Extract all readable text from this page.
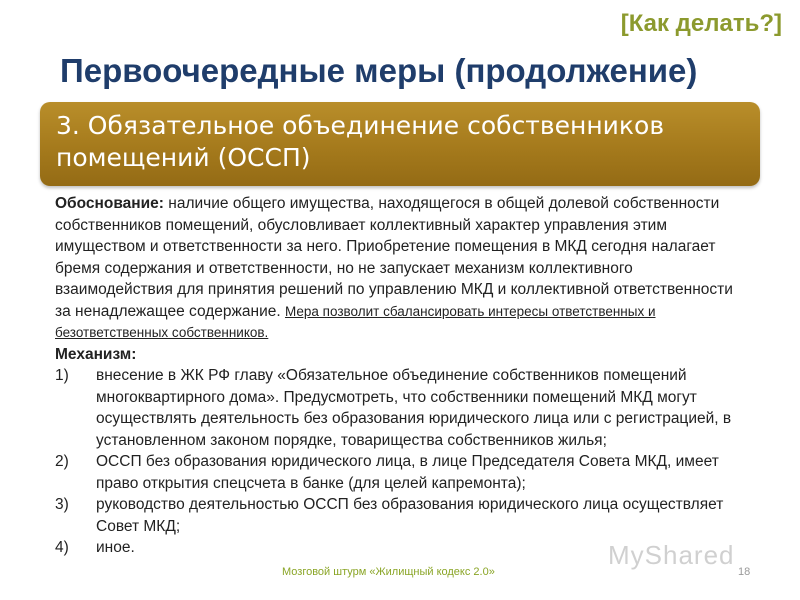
[Как делать?]
Первоочередные меры (продолжение)
3. Обязательное объединение собственников помещений (ОССП)
Обоснование: наличие общего имущества, находящегося в общей долевой собственности собственников помещений, обусловливает коллективный характер управления этим имуществом и ответственности за него. Приобретение помещения в МКД сегодня налагает бремя содержания и ответственности, но не запускает механизм коллективного взаимодействия для принятия решений по управлению МКД и коллективной ответственности за ненадлежащее содержание. Мера позволит сбалансировать интересы ответственных и безответственных собственников.
Механизм:
1)	внесение в ЖК РФ главу «Обязательное объединение собственников помещений многоквартирного дома». Предусмотреть, что собственники помещений МКД могут осуществлять деятельность без образования юридического лица или с регистрацией, в установленном законом порядке, товарищества собственников жилья;
2)	ОССП без образования юридического лица, в лице Председателя Совета МКД, имеет право открытия спецсчета в банке (для целей капремонта);
3)	руководство деятельностью ОССП без образования юридического лица осуществляет Совет МКД;
4)	иное.	MyShared
Мозговой штурм «Жилищный кодекс 2.0»	18
